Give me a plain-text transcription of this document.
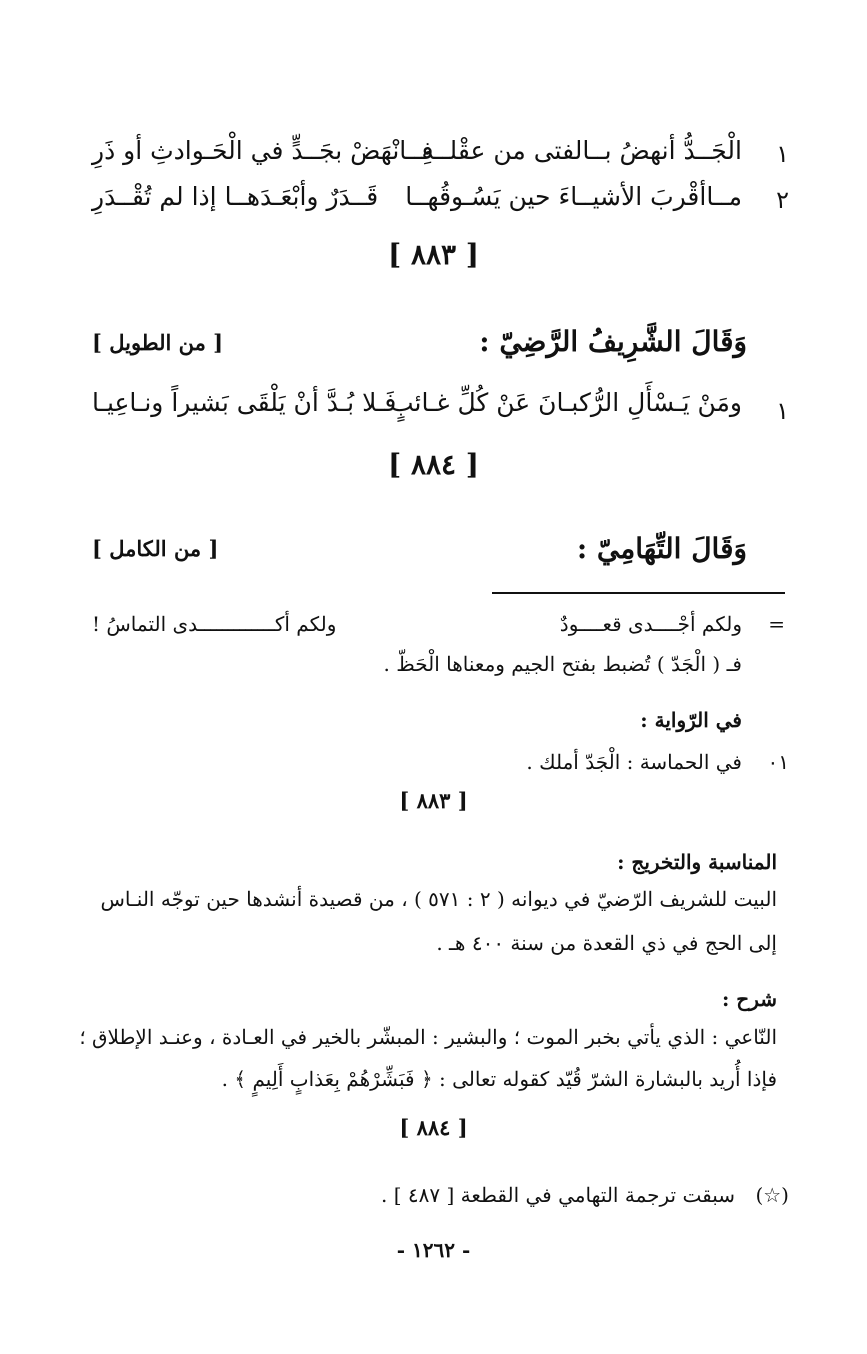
١
الْجَــدُّ أنهضُ بــالفتى من عقْلــهِ
فــانْهَضْ بجَــدٍّ في الْحَـوادثِ أو ذَرِ
٢
مــاأقْربَ الأشيــاءَ حين يَسُـوقُهــا
قَــدَرٌ وأبْعَـدَهــا إذا لم تُقْــدَرِ
[ ٨٨٣ ]
وَقَالَ الشَّرِيفُ الرَّضِيّ :
[ من الطويل ]
١
ومَنْ يَـسْأَلِ الرُّكبـانَ عَنْ كُلِّ غـائبٍ
فَـلا بُـدَّ أنْ يَلْقَى بَشيراً ونـاعِيـا
[ ٨٨٤ ]
وَقَالَ التِّهَامِيّ :
[ من الكامل ]
=
ولكم أجْــــدى قعــــودٌ
ولكم أكـــــــــــــدى التماسُ !
فـ ( الْجَدّ ) تُضبط بفتح الجيم ومعناها الْحَظّ .
في الرّواية :
٠١
في الحماسة : الْجَدّ أملك .
[ ٨٨٣ ]
المناسبة والتخريج :
البيت للشريف الرّضيّ في ديوانه ( ٢ : ٥٧١ ) ، من قصيدة أنشدها حين توجّه النـاس
إلى الحج في ذي القعدة من سنة ٤٠٠ هـ .
شرح :
النّاعي : الذي يأتي بخبر الموت ؛ والبشير : المبشّر بالخير في العـادة ، وعنـد الإطلاق ؛
فإذا أُريد بالبشارة الشرّ قُيّد كقوله تعالى : ﴿ فَبَشِّرْهُمْ بِعَذابٍ أَلِيمٍ ﴾ .
[ ٨٨٤ ]
(☆)
سبقت ترجمة التهامي في القطعة [ ٤٨٧ ] .
- ١٢٦٢ -
